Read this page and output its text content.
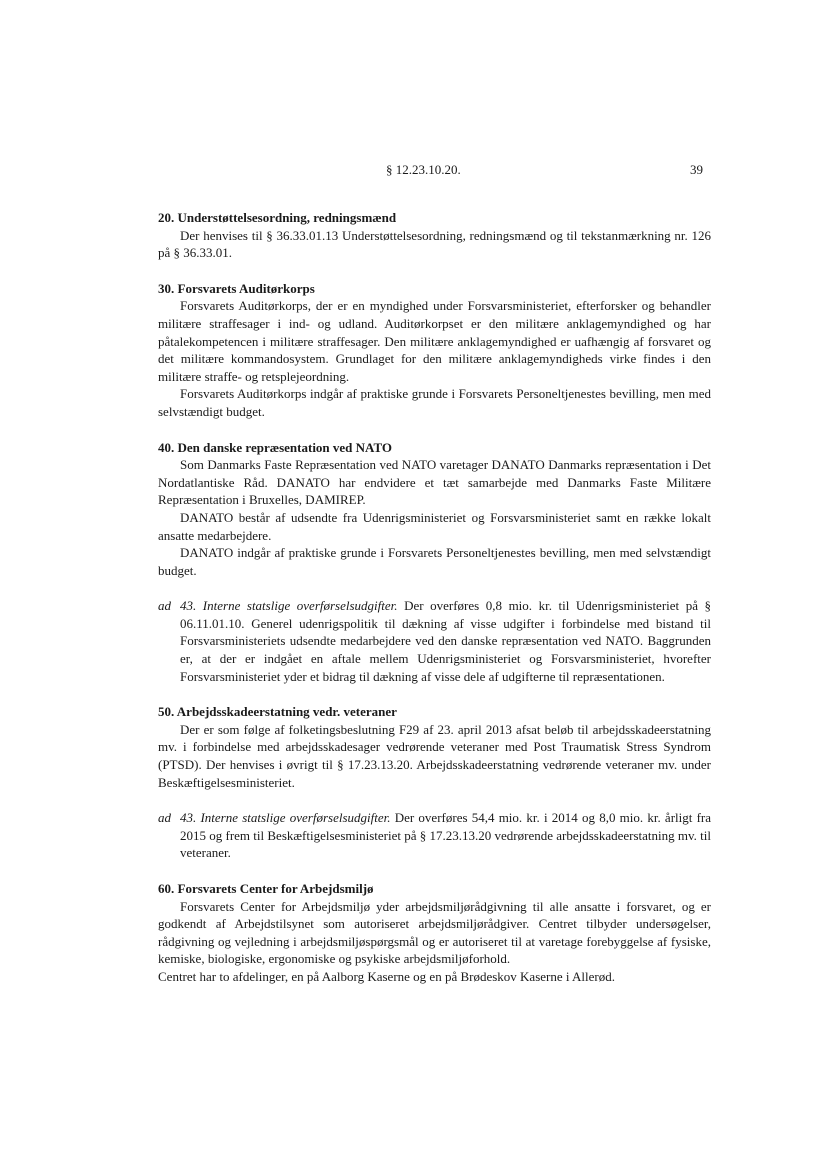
§ 12.23.10.20.	39
20. Understøttelsesordning, redningsmænd

Der henvises til § 36.33.01.13 Understøttelsesordning, redningsmænd og til tekstanmærkning nr. 126 på § 36.33.01.

30. Forsvarets Auditørkorps

Forsvarets Auditørkorps, der er en myndighed under Forsvarsministeriet, efterforsker og behandler militære straffesager i ind- og udland. Auditørkorpset er den militære anklagemyndighed og har påtalekompetencen i militære straffesager. Den militære anklagemyndighed er uafhængig af forsvaret og det militære kommandosystem. Grundlaget for den militære anklagemyndigheds virke findes i den militære straffe- og retsplejeordning.

Forsvarets Auditørkorps indgår af praktiske grunde i Forsvarets Personeltjenestes bevilling, men med selvstændigt budget.

40. Den danske repræsentation ved NATO

Som Danmarks Faste Repræsentation ved NATO varetager DANATO Danmarks repræsentation i Det Nordatlantiske Råd. DANATO har endvidere et tæt samarbejde med Danmarks Faste Militære Repræsentation i Bruxelles, DAMIREP.

DANATO består af udsendte fra Udenrigsministeriet og Forsvarsministeriet samt en række lokalt ansatte medarbejdere.

DANATO indgår af praktiske grunde i Forsvarets Personeltjenestes bevilling, men med selvstændigt budget.

ad 43. Interne statslige overførselsudgifter. Der overføres 0,8 mio. kr. til Udenrigsministeriet på § 06.11.01.10. Generel udenrigspolitik til dækning af visse udgifter i forbindelse med bistand til Forsvarsministeriets udsendte medarbejdere ved den danske repræsentation ved NATO. Baggrunden er, at der er indgået en aftale mellem Udenrigsministeriet og Forsvarsministeriet, hvorefter Forsvarsministeriet yder et bidrag til dækning af visse dele af udgifterne til repræsentationen.
50. Arbejdsskadeerstatning vedr. veteraner

Der er som følge af folketingsbeslutning F29 af 23. april 2013 afsat beløb til arbejdsskadeerstatning mv. i forbindelse med arbejdsskadesager vedrørende veteraner med Post Traumatisk Stress Syndrom (PTSD). Der henvises i øvrigt til § 17.23.13.20. Arbejdsskadeerstatning vedrørende veteraner mv. under Beskæftigelsesministeriet.

ad 43. Interne statslige overførselsudgifter. Der overføres 54,4 mio. kr. i 2014 og 8,0 mio. kr. årligt fra 2015 og frem til Beskæftigelsesministeriet på § 17.23.13.20 vedrørende arbejdsskadeerstatning mv. til veteraner.
60. Forsvarets Center for Arbejdsmiljø

Forsvarets Center for Arbejdsmiljø yder arbejdsmiljørådgivning til alle ansatte i forsvaret, og er godkendt af Arbejdstilsynet som autoriseret arbejdsmiljørådgiver. Centret tilbyder undersøgelser, rådgivning og vejledning i arbejdsmiljøspørgsmål og er autoriseret til at varetage forebyggelse af fysiske, kemiske, biologiske, ergonomiske og psykiske arbejdsmiljøforhold.

Centret har to afdelinger, en på Aalborg Kaserne og en på Brødeskov Kaserne i Allerød.
